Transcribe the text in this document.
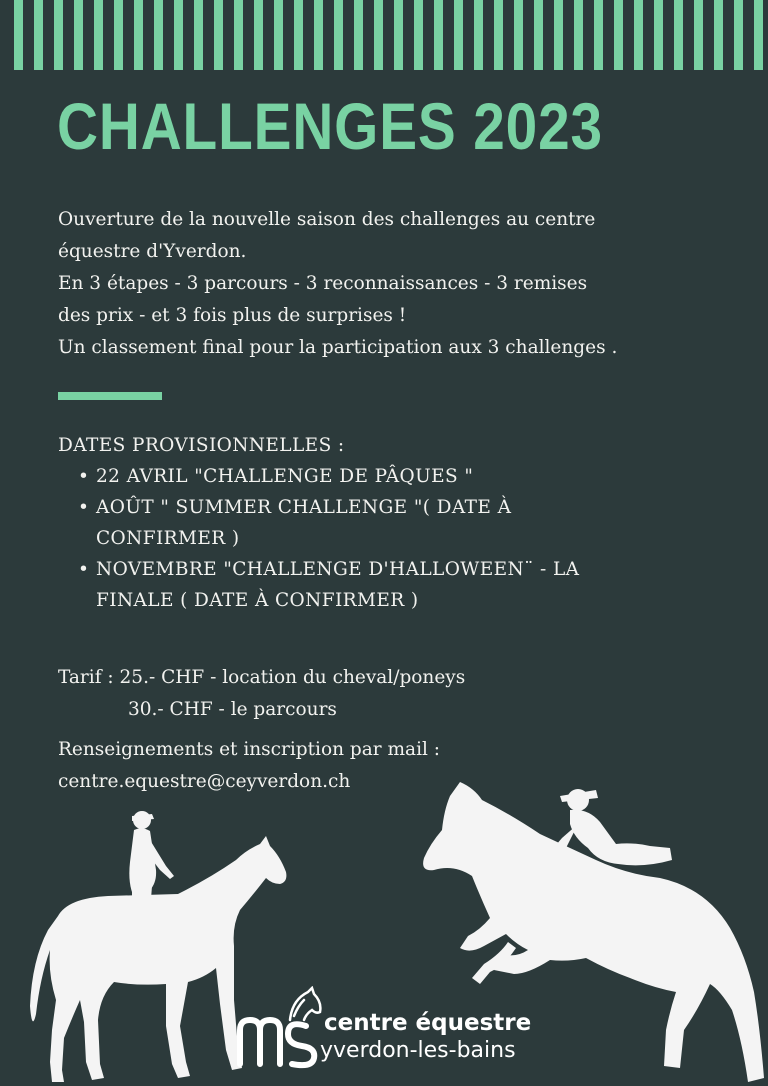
CHALLENGES 2023
Ouverture de la nouvelle saison des challenges au centre
équestre d'Yverdon.
En 3 étapes - 3 parcours - 3 reconnaissances - 3 remises
des prix - et 3 fois plus de surprises !
Un classement final pour la participation aux 3 challenges .
DATES PROVISIONNELLES :
• 22 AVRIL "CHALLENGE DE PÂQUES "
• AOÛT " SUMMER CHALLENGE "( DATE À
CONFIRMER )
• NOVEMBRE "CHALLENGE D'HALLOWEEN¨ - LA
FINALE ( DATE À CONFIRMER )
Tarif : 25.- CHF - location du cheval/poneys
30.- CHF - le parcours
Renseignements et inscription par mail :
centre.equestre@ceyverdon.ch
centre équestre
yverdon-les-bains
